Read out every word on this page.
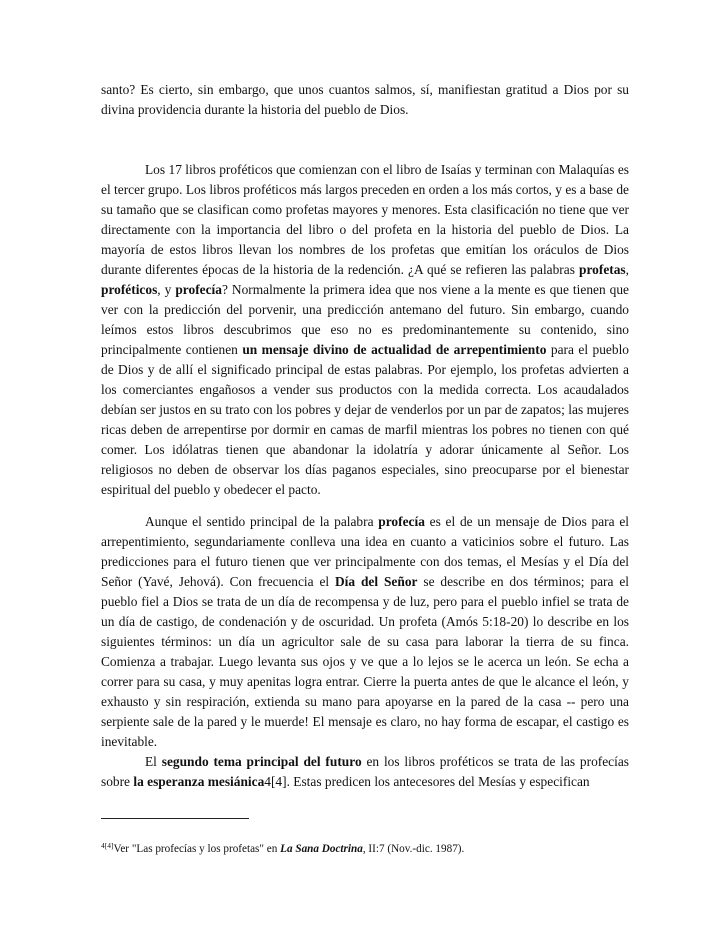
santo? Es cierto, sin embargo, que unos cuantos salmos, sí, manifiestan gratitud a Dios por su divina providencia durante la historia del pueblo de Dios.

Los 17 libros proféticos que comienzan con el libro de Isaías y terminan con Malaquías es el tercer grupo. Los libros proféticos más largos preceden en orden a los más cortos, y es a base de su tamaño que se clasifican como profetas mayores y menores. Esta clasificación no tiene que ver directamente con la importancia del libro o del profeta en la historia del pueblo de Dios. La mayoría de estos libros llevan los nombres de los profetas que emitían los oráculos de Dios durante diferentes épocas de la historia de la redención. ¿A qué se refieren las palabras profetas, proféticos, y profecía? Normalmente la primera idea que nos viene a la mente es que tienen que ver con la predicción del porvenir, una predicción antemano del futuro. Sin embargo, cuando leímos estos libros descubrimos que eso no es predominantemente su contenido, sino principalmente contienen un mensaje divino de actualidad de arrepentimiento para el pueblo de Dios y de allí el significado principal de estas palabras. Por ejemplo, los profetas advierten a los comerciantes engañosos a vender sus productos con la medida correcta. Los acaudalados debían ser justos en su trato con los pobres y dejar de venderlos por un par de zapatos; las mujeres ricas deben de arrepentirse por dormir en camas de marfil mientras los pobres no tienen con qué comer. Los idólatras tienen que abandonar la idolatría y adorar únicamente al Señor. Los religiosos no deben de observar los días paganos especiales, sino preocuparse por el bienestar espiritual del pueblo y obedecer el pacto.

Aunque el sentido principal de la palabra profecía es el de un mensaje de Dios para el arrepentimiento, segundariamente conlleva una idea en cuanto a vaticinios sobre el futuro. Las predicciones para el futuro tienen que ver principalmente con dos temas, el Mesías y el Día del Señor (Yavé, Jehová). Con frecuencia el Día del Señor se describe en dos términos; para el pueblo fiel a Dios se trata de un día de recompensa y de luz, pero para el pueblo infiel se trata de un día de castigo, de condenación y de oscuridad. Un profeta (Amós 5:18-20) lo describe en los siguientes términos: un día un agricultor sale de su casa para laborar la tierra de su finca. Comienza a trabajar. Luego levanta sus ojos y ve que a lo lejos se le acerca un león. Se echa a correr para su casa, y muy apenitas logra entrar. Cierre la puerta antes de que le alcance el león, y exhausto y sin respiración, extienda su mano para apoyarse en la pared de la casa -- pero una serpiente sale de la pared y le muerde! El mensaje es claro, no hay forma de escapar, el castigo es inevitable.

El segundo tema principal del futuro en los libros proféticos se trata de las profecías sobre la esperanza mesiánica4[4]. Estas predicen los antecesores del Mesías y especifican

$^{4[4]}$Ver "Las profecías y los profetas" en La Sana Doctrina, II:7 (Nov.-dic. 1987).
